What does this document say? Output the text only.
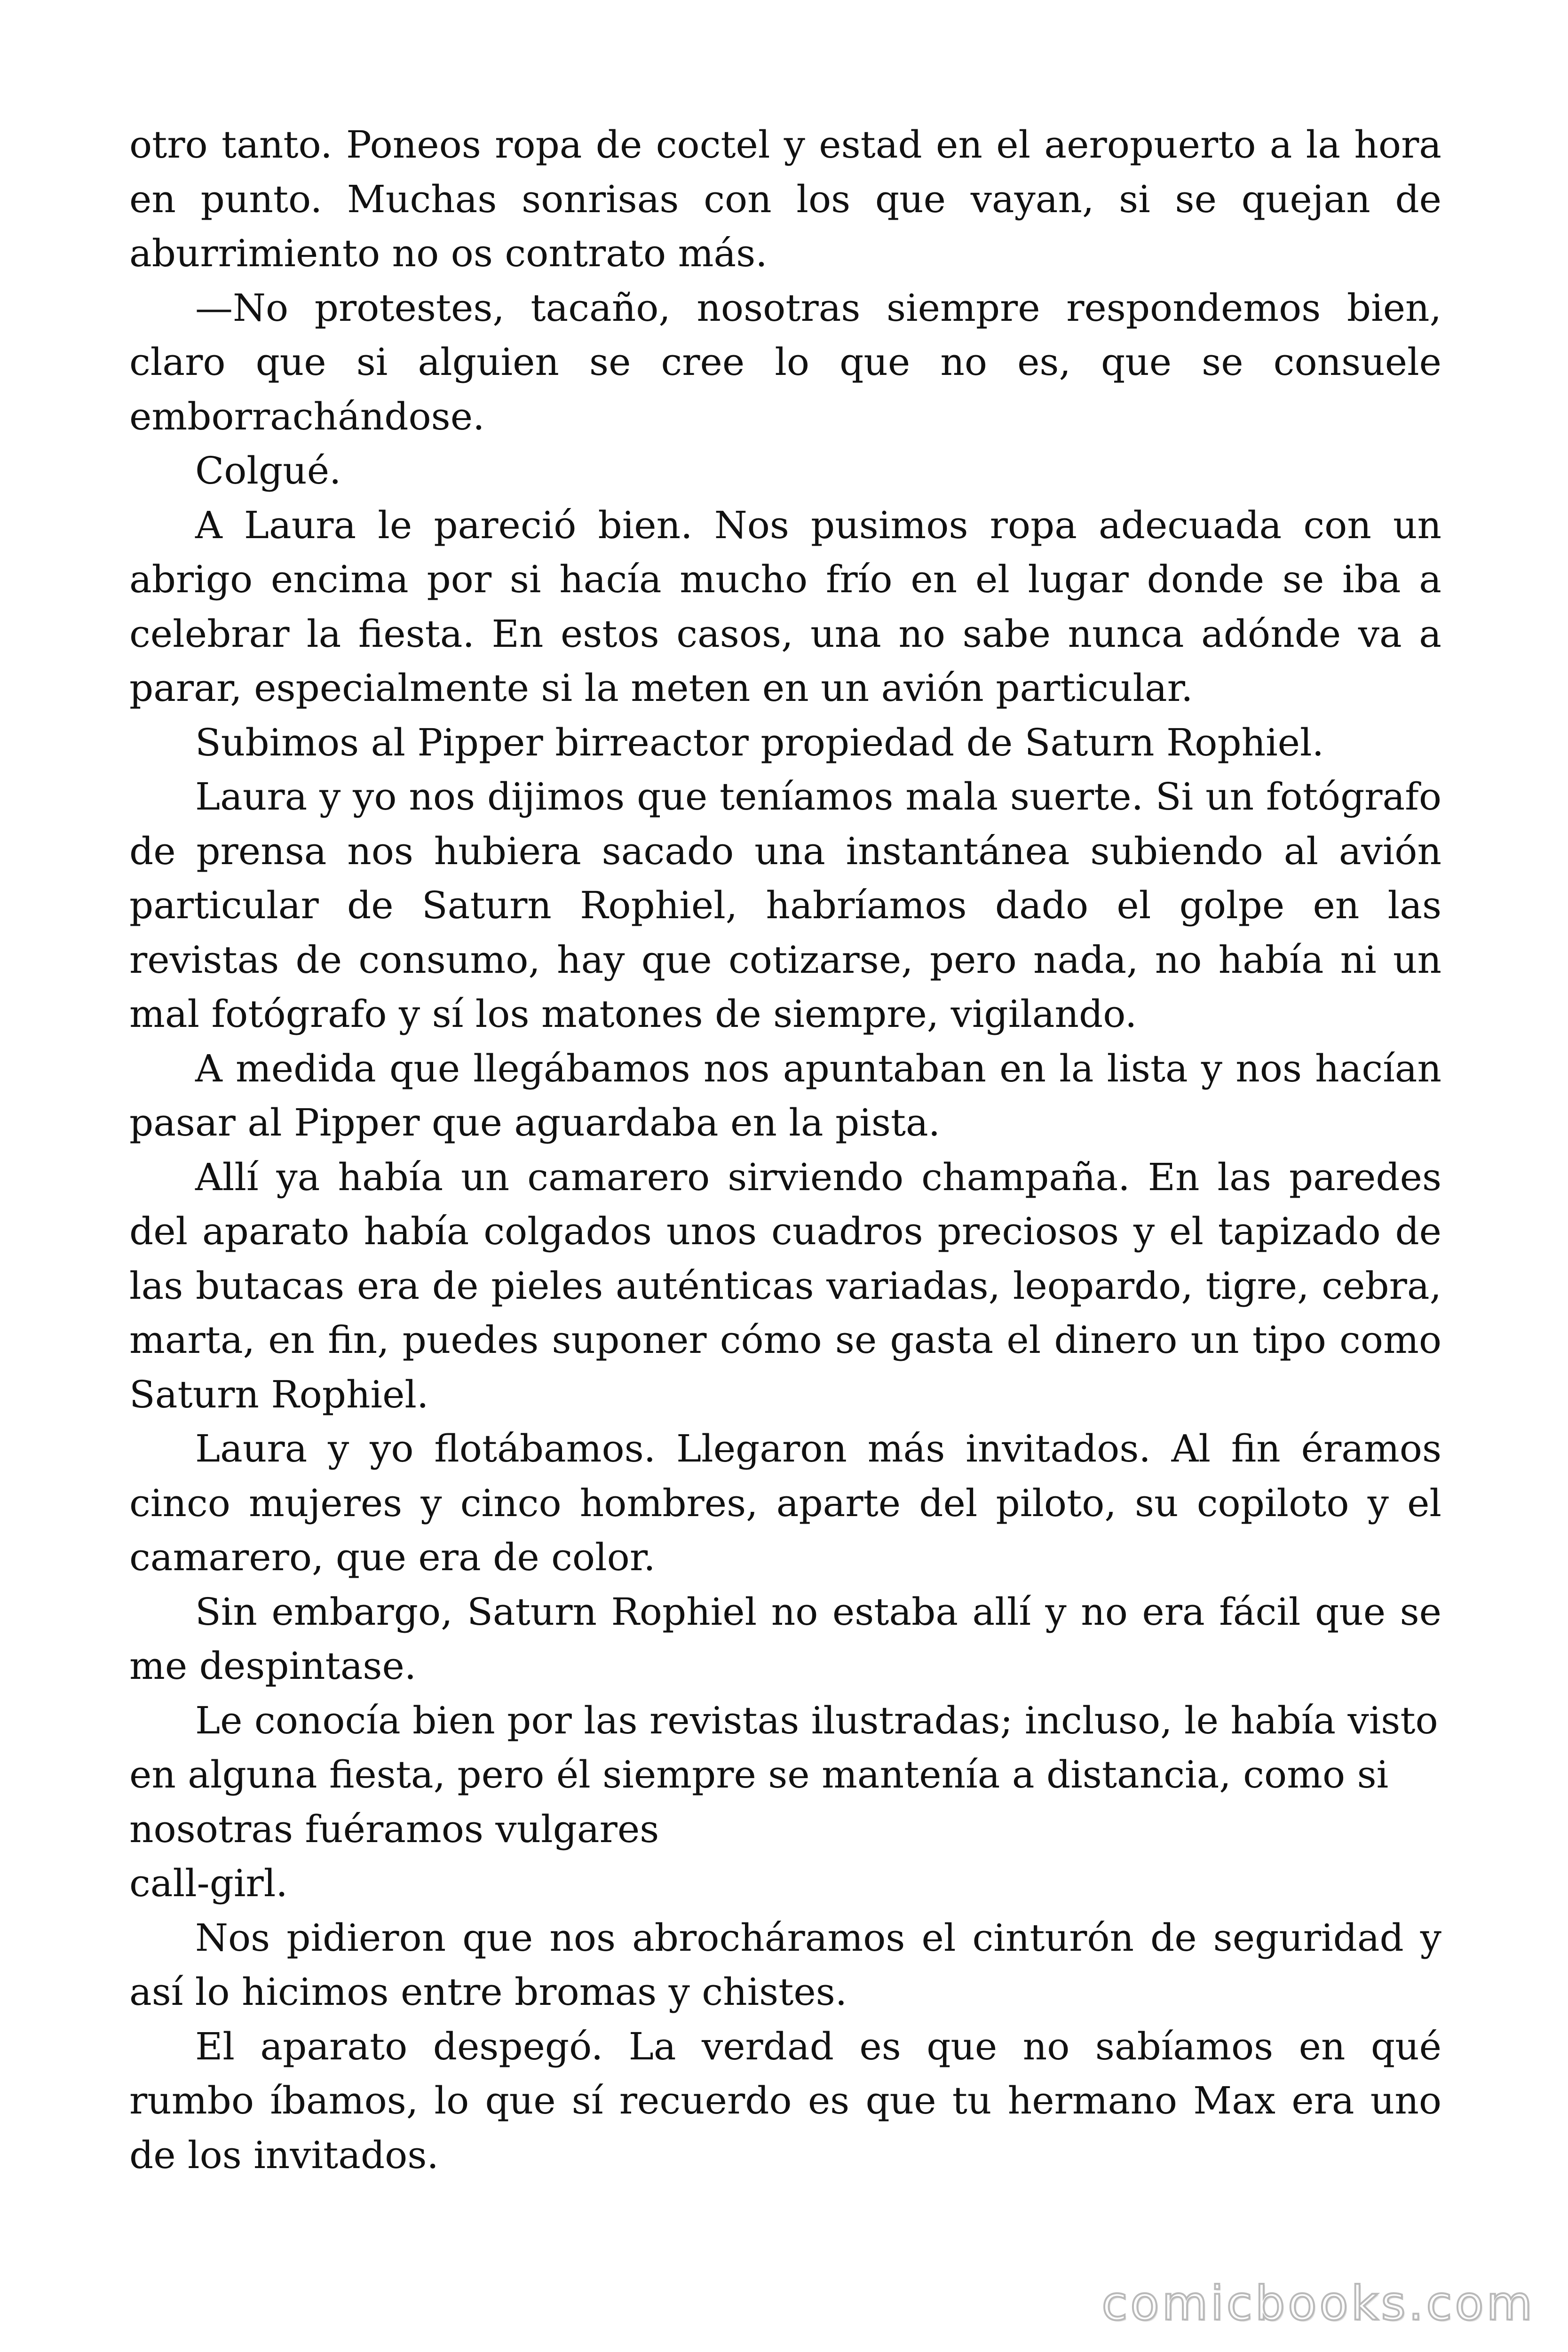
otro tanto. Poneos ropa de coctel y estad en el aeropuerto a la hora en punto. Muchas sonrisas con los que vayan, si se quejan de aburrimiento no os contrato más.

—No protestes, tacaño, nosotras siempre respondemos bien, claro que si alguien se cree lo que no es, que se consuele emborrachándose.

Colgué.

A Laura le pareció bien. Nos pusimos ropa adecuada con un abrigo encima por si hacía mucho frío en el lugar donde se iba a celebrar la fiesta. En estos casos, una no sabe nunca adónde va a parar, especialmente si la meten en un avión particular.

Subimos al Pipper birreactor propiedad de Saturn Rophiel.

Laura y yo nos dijimos que teníamos mala suerte. Si un fotógrafo de prensa nos hubiera sacado una instantánea subiendo al avión particular de Saturn Rophiel, habríamos dado el golpe en las revistas de consumo, hay que cotizarse, pero nada, no había ni un mal fotógrafo y sí los matones de siempre, vigilando.

A medida que llegábamos nos apuntaban en la lista y nos hacían pasar al Pipper que aguardaba en la pista.

Allí ya había un camarero sirviendo champaña. En las paredes del aparato había colgados unos cuadros preciosos y el tapizado de las butacas era de pieles auténticas variadas, leopardo, tigre, cebra, marta, en fin, puedes suponer cómo se gasta el dinero un tipo como Saturn Rophiel.

Laura y yo flotábamos. Llegaron más invitados. Al fin éramos cinco mujeres y cinco hombres, aparte del piloto, su copiloto y el camarero, que era de color.

Sin embargo, Saturn Rophiel no estaba allí y no era fácil que se me despintase.

Le conocía bien por las revistas ilustradas; incluso, le había visto en alguna fiesta, pero él siempre se mantenía a distancia, como si nosotras fuéramos vulgares

call-girl.

Nos pidieron que nos abrocháramos el cinturón de seguridad y así lo hicimos entre bromas y chistes.

El aparato despegó. La verdad es que no sabíamos en qué rumbo íbamos, lo que sí recuerdo es que tu hermano Max era uno de los invitados.

comicbooks.com
